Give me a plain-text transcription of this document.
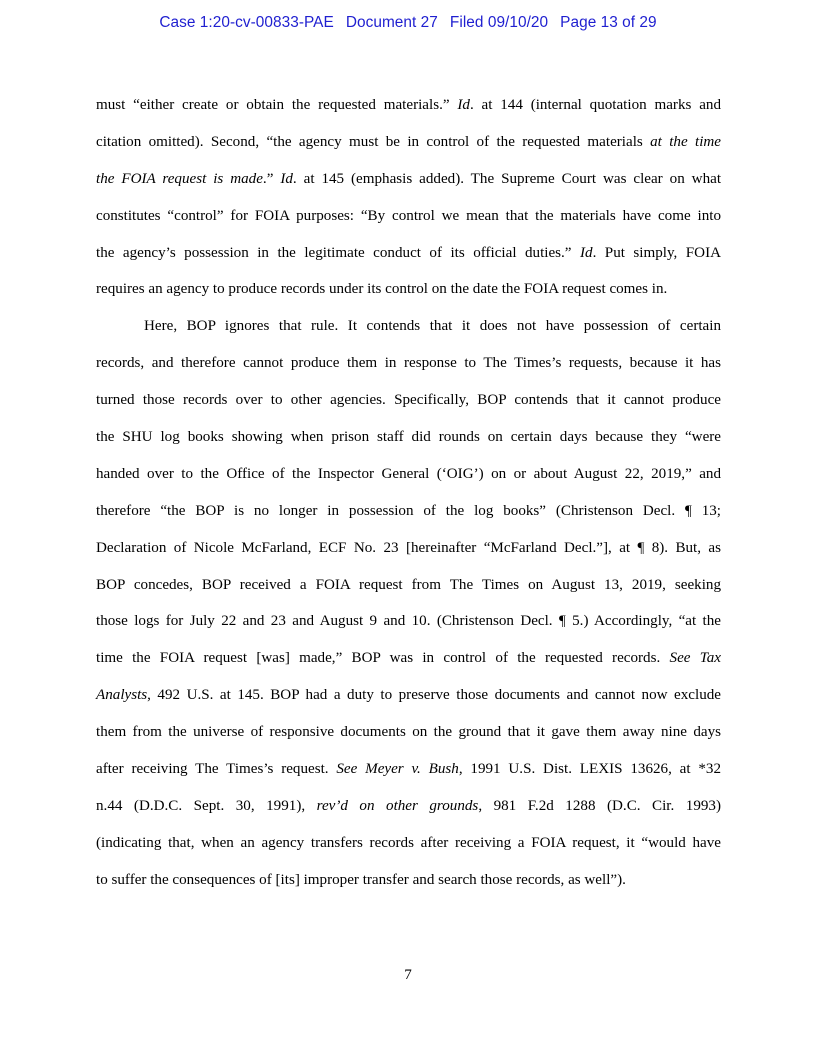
Case 1:20-cv-00833-PAE Document 27 Filed 09/10/20 Page 13 of 29
must “either create or obtain the requested materials.” Id. at 144 (internal quotation marks and
citation omitted). Second, “the agency must be in control of the requested materials at the time
the FOIA request is made.” Id. at 145 (emphasis added). The Supreme Court was clear on what
constitutes “control” for FOIA purposes: “By control we mean that the materials have come into
the agency’s possession in the legitimate conduct of its official duties.” Id. Put simply, FOIA
requires an agency to produce records under its control on the date the FOIA request comes in.
Here, BOP ignores that rule. It contends that it does not have possession of certain
records, and therefore cannot produce them in response to The Times’s requests, because it has
turned those records over to other agencies. Specifically, BOP contends that it cannot produce
the SHU log books showing when prison staff did rounds on certain days because they “were
handed over to the Office of the Inspector General (‘OIG’) on or about August 22, 2019,” and
therefore “the BOP is no longer in possession of the log books” (Christenson Decl. ¶ 13;
Declaration of Nicole McFarland, ECF No. 23 [hereinafter “McFarland Decl.”], at ¶ 8). But, as
BOP concedes, BOP received a FOIA request from The Times on August 13, 2019, seeking
those logs for July 22 and 23 and August 9 and 10. (Christenson Decl. ¶ 5.) Accordingly, “at the
time the FOIA request [was] made,” BOP was in control of the requested records. See Tax
Analysts, 492 U.S. at 145. BOP had a duty to preserve those documents and cannot now exclude
them from the universe of responsive documents on the ground that it gave them away nine days
after receiving The Times’s request. See Meyer v. Bush, 1991 U.S. Dist. LEXIS 13626, at *32
n.44 (D.D.C. Sept. 30, 1991), rev’d on other grounds, 981 F.2d 1288 (D.C. Cir. 1993)
(indicating that, when an agency transfers records after receiving a FOIA request, it “would have
to suffer the consequences of [its] improper transfer and search those records, as well”).
7
